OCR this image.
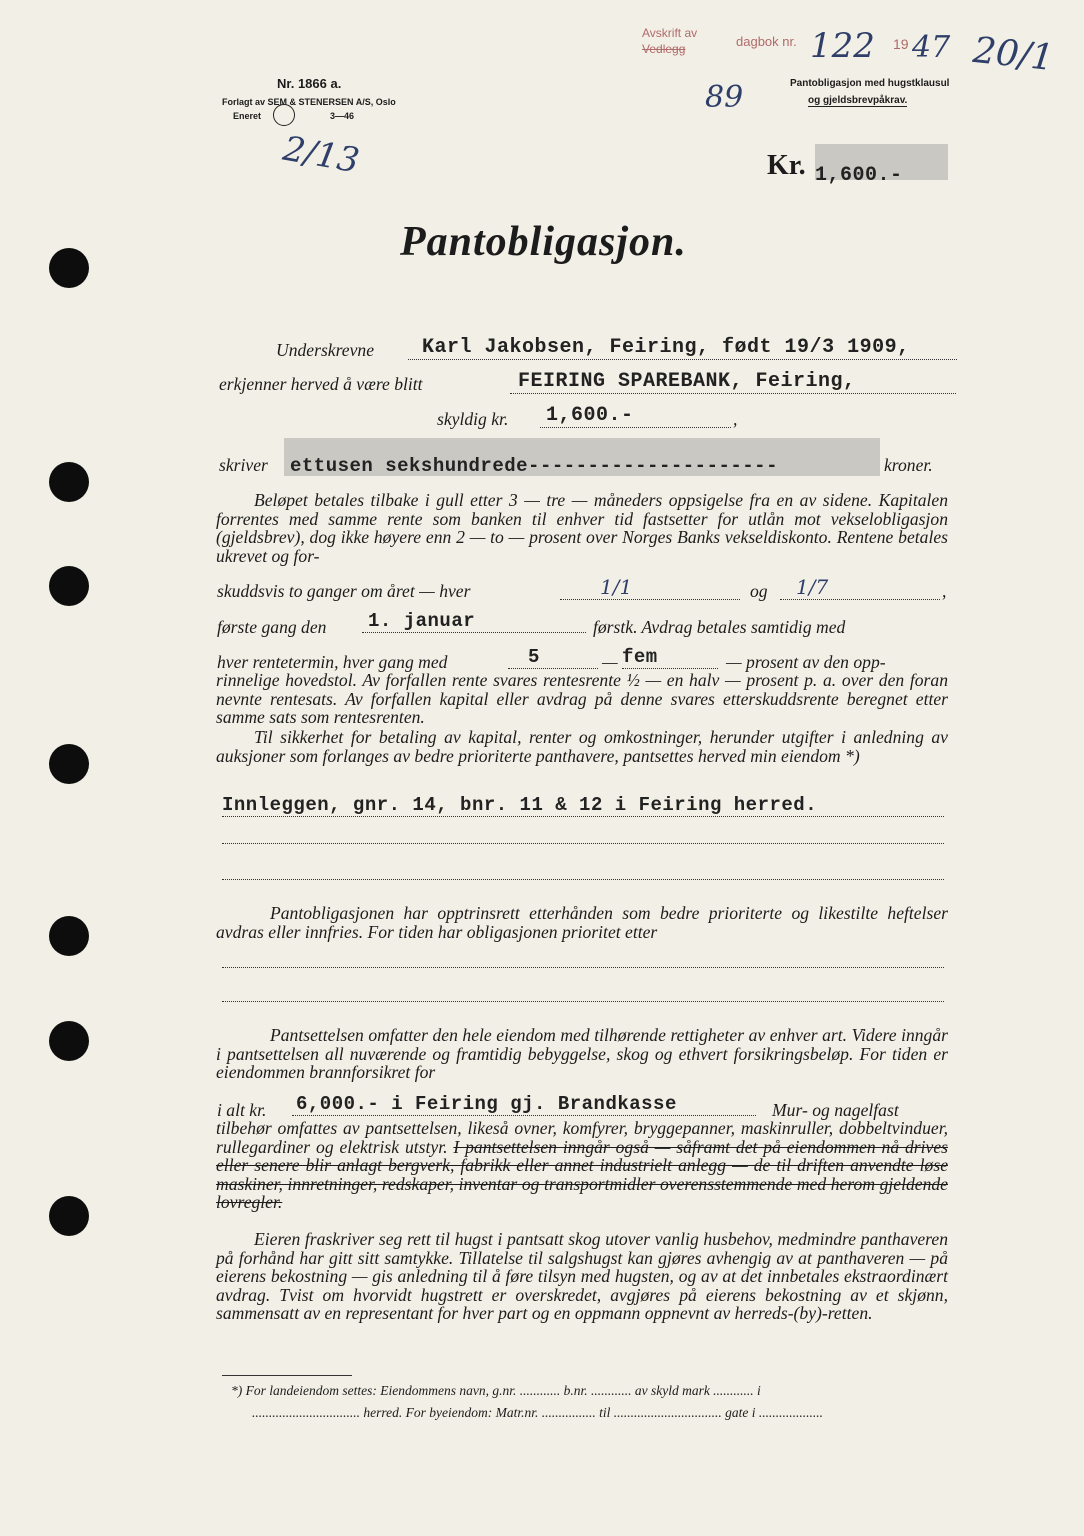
Nr. 1866 a.
Forlagt av SEM & STENERSEN A/S, Oslo
Eneret	3—46
2/13
Avskrift av
Vedlegg	dagbok nr. 122 19 47 20/1
89	Pantobligasjon med hugstklausul
og gjeldsbrevpåkrav.
Kr. 1,600.-
Pantobligasjon.
Underskrevne	Karl Jakobsen, Feiring, født 19/3 1909,
erkjenner herved å være blitt	FEIRING SPAREBANK, Feiring,
skyldig kr.	1,600.-	,
skriver ettusen sekshundrede---------------------	kroner.
Beløpet betales tilbake i gull etter 3 — tre — måneders oppsigelse fra en av sidene. Kapitalen forrentes med samme rente som banken til enhver tid fastsetter for utlån mot vekselobligasjon (gjeldsbrev), dog ikke høyere enn 2 — to — prosent over Norges Banks vekseldiskonto. Rentene betales ukrevet og for-
skuddsvis to ganger om året — hver	1/1	og	1/7	,
første gang den	1. januar	førstk. Avdrag betales samtidig med
hver rentetermin, hver gang med	5	— fem	— prosent av den opp-
rinnelige hovedstol. Av forfallen rente svares rentesrente ½ — en halv — prosent p. a. over den foran nevnte rentesats. Av forfallen kapital eller avdrag på denne svares etterskuddsrente beregnet etter samme sats som rentesrenten.
Til sikkerhet for betaling av kapital, renter og omkostninger, herunder utgifter i anledning av auksjoner som forlanges av bedre prioriterte panthavere, pantsettes herved min eiendom *)
Innleggen, gnr. 14, bnr. 11 & 12 i Feiring herred.
Pantobligasjonen har opptrinsrett etterhånden som bedre prioriterte og likestilte heftelser avdras eller innfries. For tiden har obligasjonen prioritet etter
Pantsettelsen omfatter den hele eiendom med tilhørende rettigheter av enhver art. Videre inngår i pantsettelsen all nuværende og framtidig bebyggelse, skog og ethvert forsikringsbeløp. For tiden er eiendommen brannforsikret for
i alt kr. 6,000.- i Feiring gj. Brandkasse	Mur- og nagelfast
tilbehør omfattes av pantsettelsen, likeså ovner, komfyrer, bryggepanner, maskinruller, dobbeltvinduer, rullegardiner og elektrisk utstyr. I pantsettelsen inngår også — såframt det på eiendommen nå drives eller senere blir anlagt bergverk, fabrikk eller annet industrielt anlegg — de til driften anvendte løse maskiner, innretninger, redskaper, inventar og transportmidler overensstemmende med herom gjeldende lovregler.
Eieren fraskriver seg rett til hugst i pantsatt skog utover vanlig husbehov, medmindre panthaveren på forhånd har gitt sitt samtykke. Tillatelse til salgshugst kan gjøres avhengig av at panthaveren — på eierens bekostning — gis anledning til å føre tilsyn med hugsten, og av at det innbetales ekstraordinært avdrag. Tvist om hvorvidt hugstrett er overskredet, avgjøres på eierens bekostning av et skjønn, sammensatt av en representant for hver part og en oppmann oppnevnt av herreds-(by)-retten.
*) For landeiendom settes: Eiendommens navn, g.nr. ............ b.nr. ............ av skyld mark ............ i
................................ herred. For byeiendom: Matr.nr. ................ til ................................ gate i ...................
